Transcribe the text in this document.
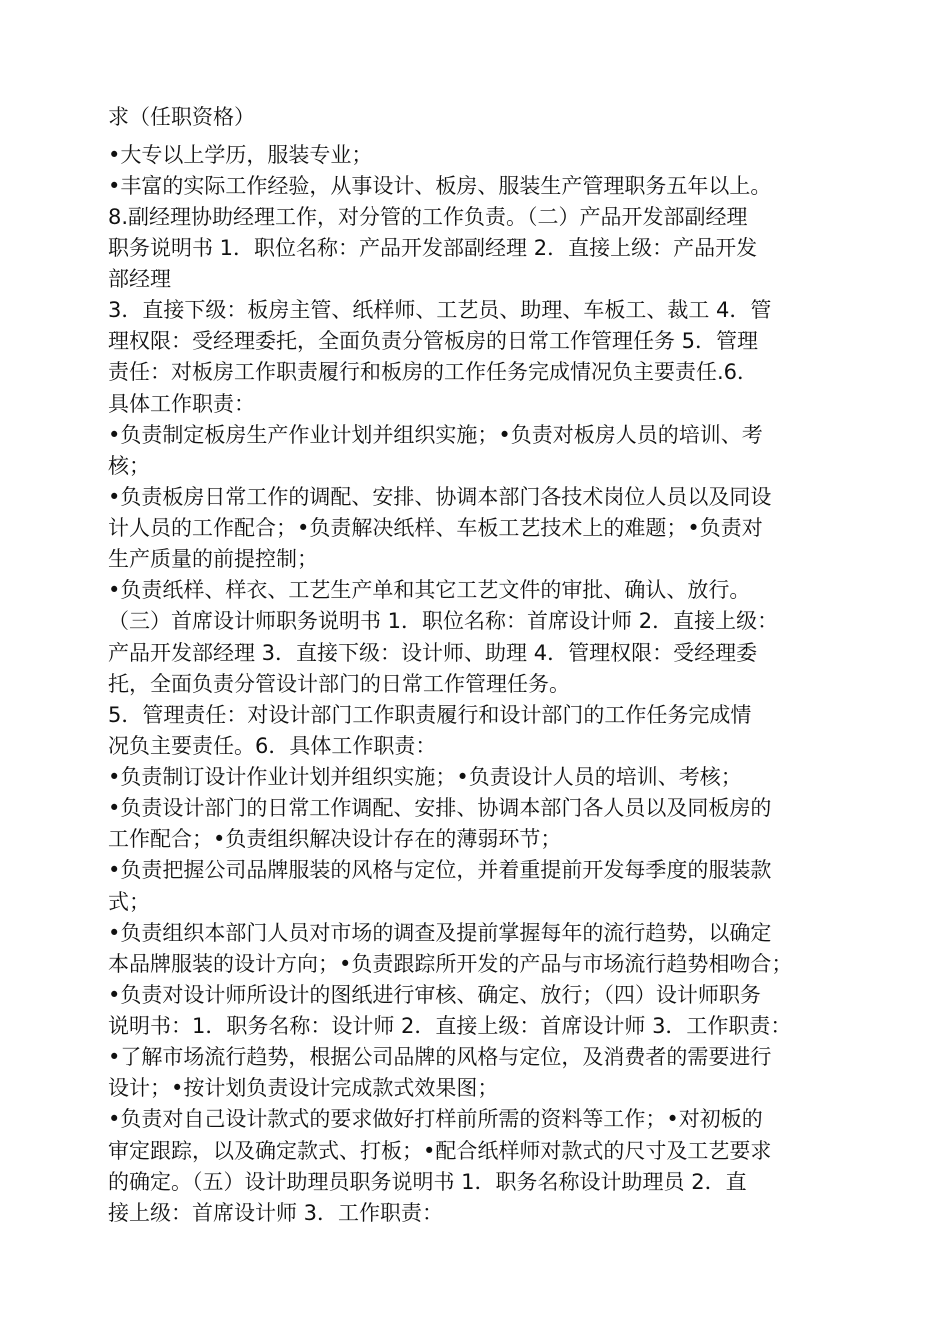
求（任职资格）
•大专以上学历，服装专业；
•丰富的实际工作经验，从事设计、板房、服装生产管理职务五年以上。
8.副经理协助经理工作，对分管的工作负责。（二）产品开发部副经理
职务说明书 1．职位名称：产品开发部副经理 2．直接上级：产品开发
部经理
3．直接下级：板房主管、纸样师、工艺员、助理、车板工、裁工 4．管
理权限：受经理委托，全面负责分管板房的日常工作管理任务 5．管理
责任：对板房工作职责履行和板房的工作任务完成情况负主要责任.6．
具体工作职责：
•负责制定板房生产作业计划并组织实施；•负责对板房人员的培训、考
核；
•负责板房日常工作的调配、安排、协调本部门各技术岗位人员以及同设
计人员的工作配合；•负责解决纸样、车板工艺技术上的难题；•负责对
生产质量的前提控制；
•负责纸样、样衣、工艺生产单和其它工艺文件的审批、确认、放行。
（三）首席设计师职务说明书 1．职位名称：首席设计师 2．直接上级：
产品开发部经理 3．直接下级：设计师、助理 4．管理权限：受经理委
托，全面负责分管设计部门的日常工作管理任务。
5．管理责任：对设计部门工作职责履行和设计部门的工作任务完成情
况负主要责任。6．具体工作职责：
•负责制订设计作业计划并组织实施；•负责设计人员的培训、考核；
•负责设计部门的日常工作调配、安排、协调本部门各人员以及同板房的
工作配合；•负责组织解决设计存在的薄弱环节；
•负责把握公司品牌服装的风格与定位，并着重提前开发每季度的服装款
式；
•负责组织本部门人员对市场的调查及提前掌握每年的流行趋势，以确定
本品牌服装的设计方向；•负责跟踪所开发的产品与市场流行趋势相吻合；
•负责对设计师所设计的图纸进行审核、确定、放行；（四）设计师职务
说明书：1．职务名称：设计师 2．直接上级：首席设计师 3．工作职责：
•了解市场流行趋势，根据公司品牌的风格与定位，及消费者的需要进行
设计；•按计划负责设计完成款式效果图；
•负责对自己设计款式的要求做好打样前所需的资料等工作；•对初板的
审定跟踪，以及确定款式、打板；•配合纸样师对款式的尺寸及工艺要求
的确定。（五）设计助理员职务说明书 1．职务名称设计助理员 2．直
接上级：首席设计师 3．工作职责：
